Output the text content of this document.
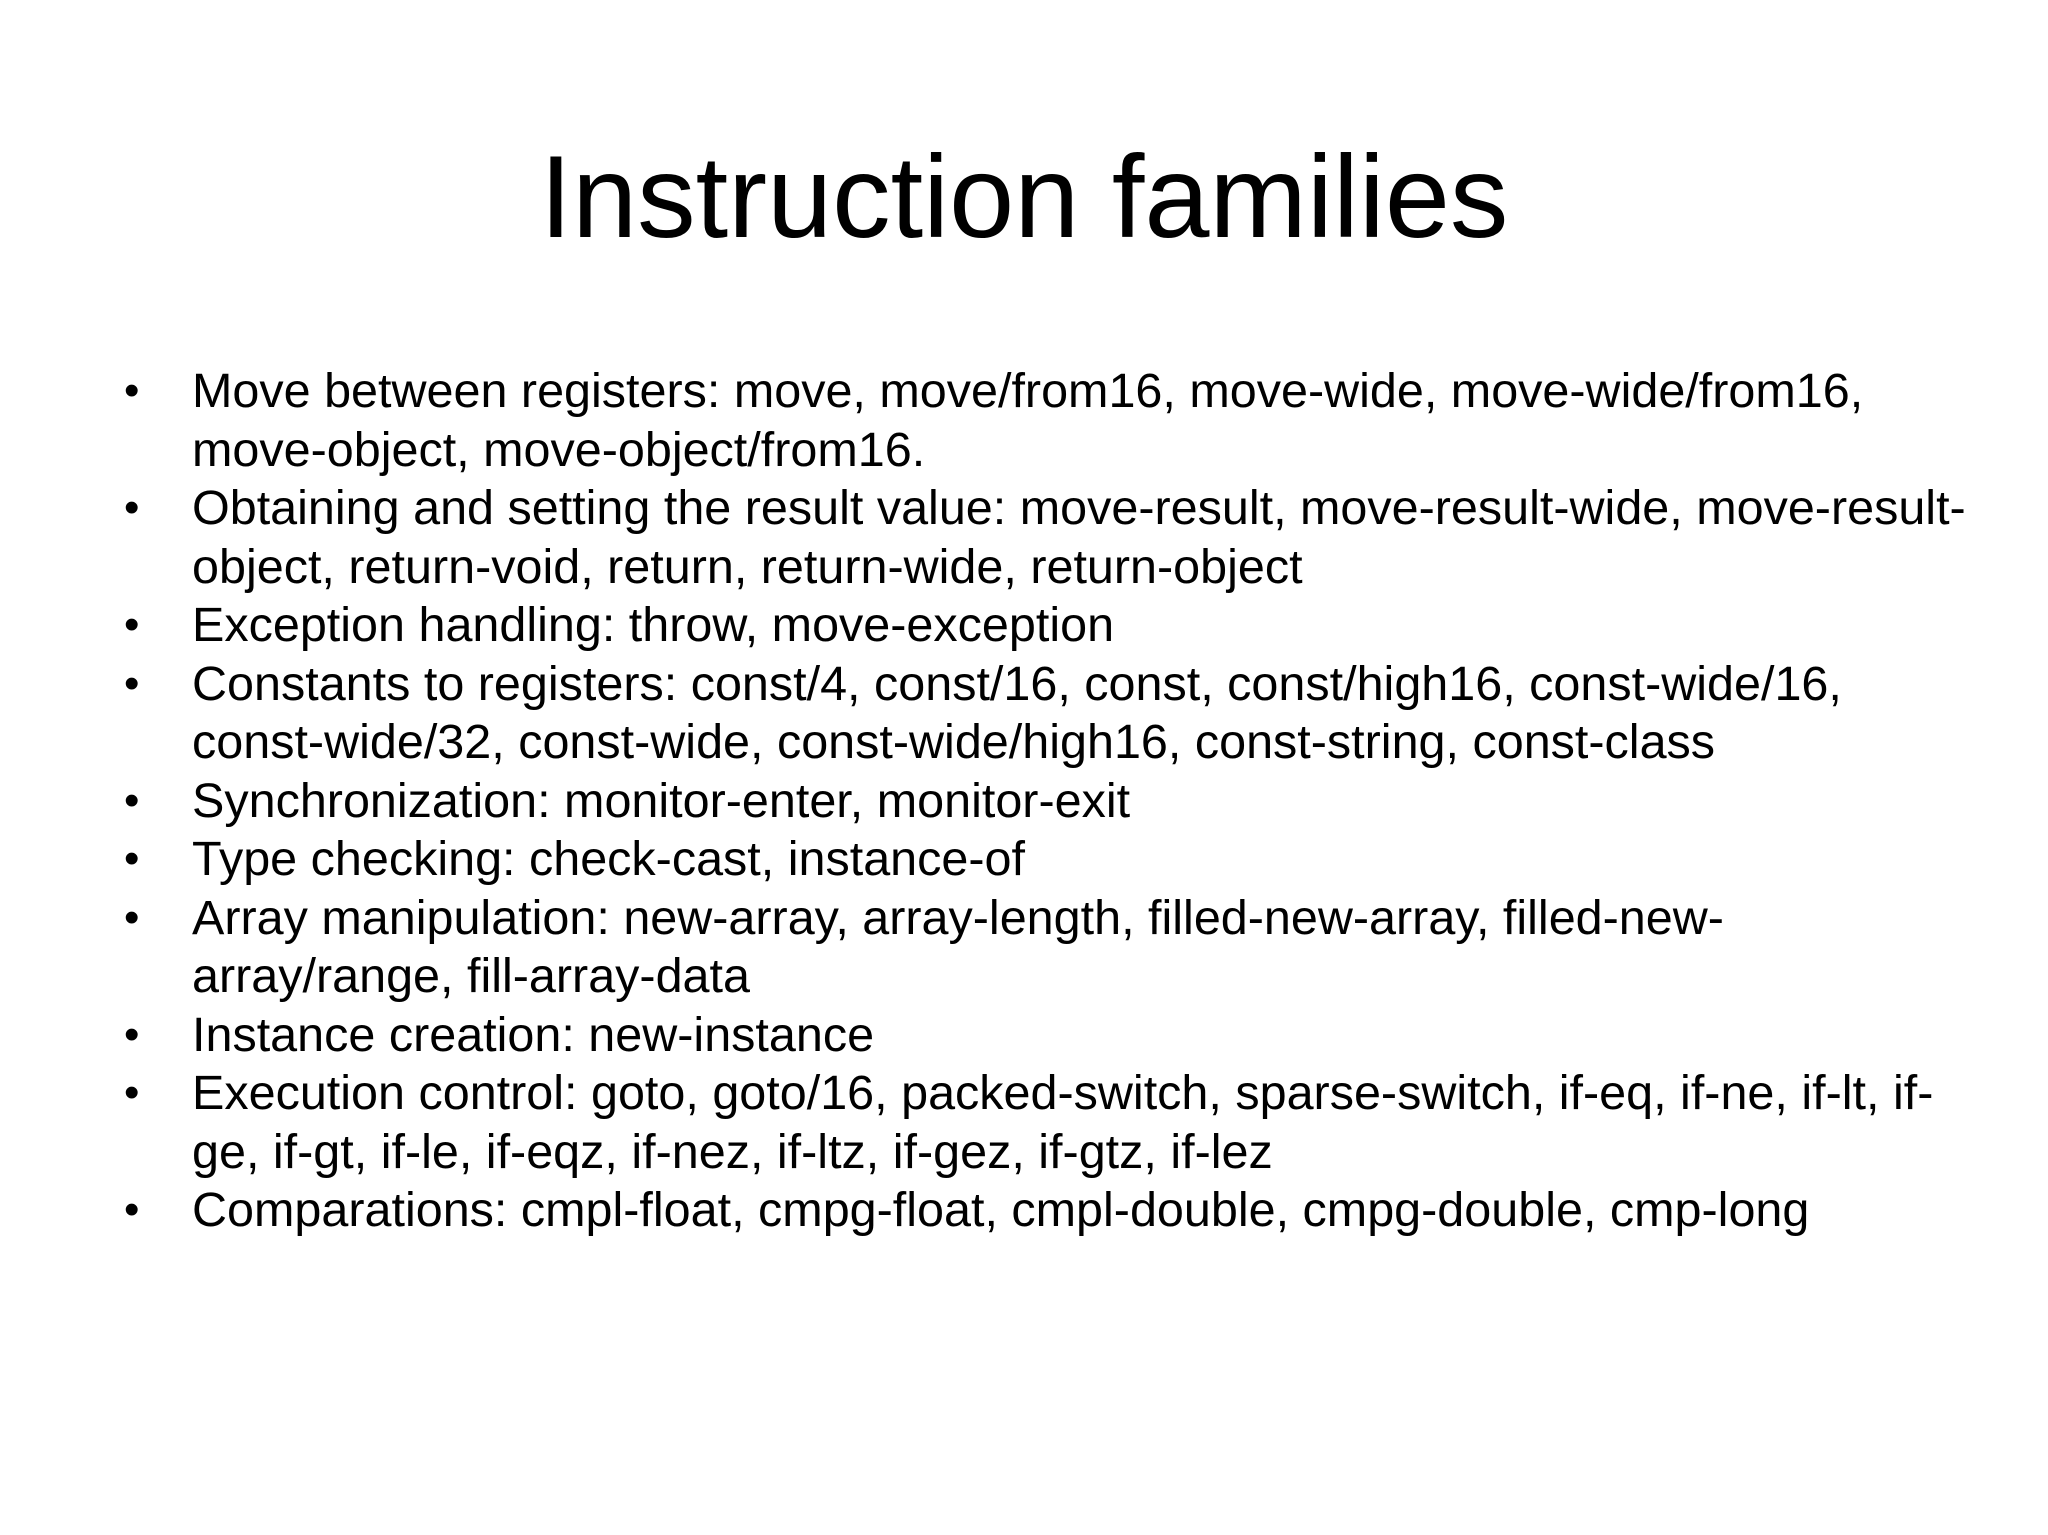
Instruction families
•	Move between registers: move, move/from16, move-wide, move-wide/from16, move-object, move-object/from16.
•	Obtaining and setting the result value: move-result, move-result-wide, move-result-object, return-void, return, return-wide, return-object
•	Exception handling: throw, move-exception
•	Constants to registers: const/4, const/16, const, const/high16, const-wide/16, const-wide/32, const-wide, const-wide/high16, const-string, const-class
•	Synchronization: monitor-enter, monitor-exit
•	Type checking: check-cast, instance-of
•	Array manipulation: new-array, array-length, filled-new-array, filled-new-array/range, fill-array-data
•	Instance creation: new-instance
•	Execution control: goto, goto/16, packed-switch, sparse-switch, if-eq, if-ne, if-lt, if-ge, if-gt, if-le, if-eqz, if-nez, if-ltz, if-gez, if-gtz, if-lez
•	Comparations: cmpl-float, cmpg-float, cmpl-double, cmpg-double, cmp-long
